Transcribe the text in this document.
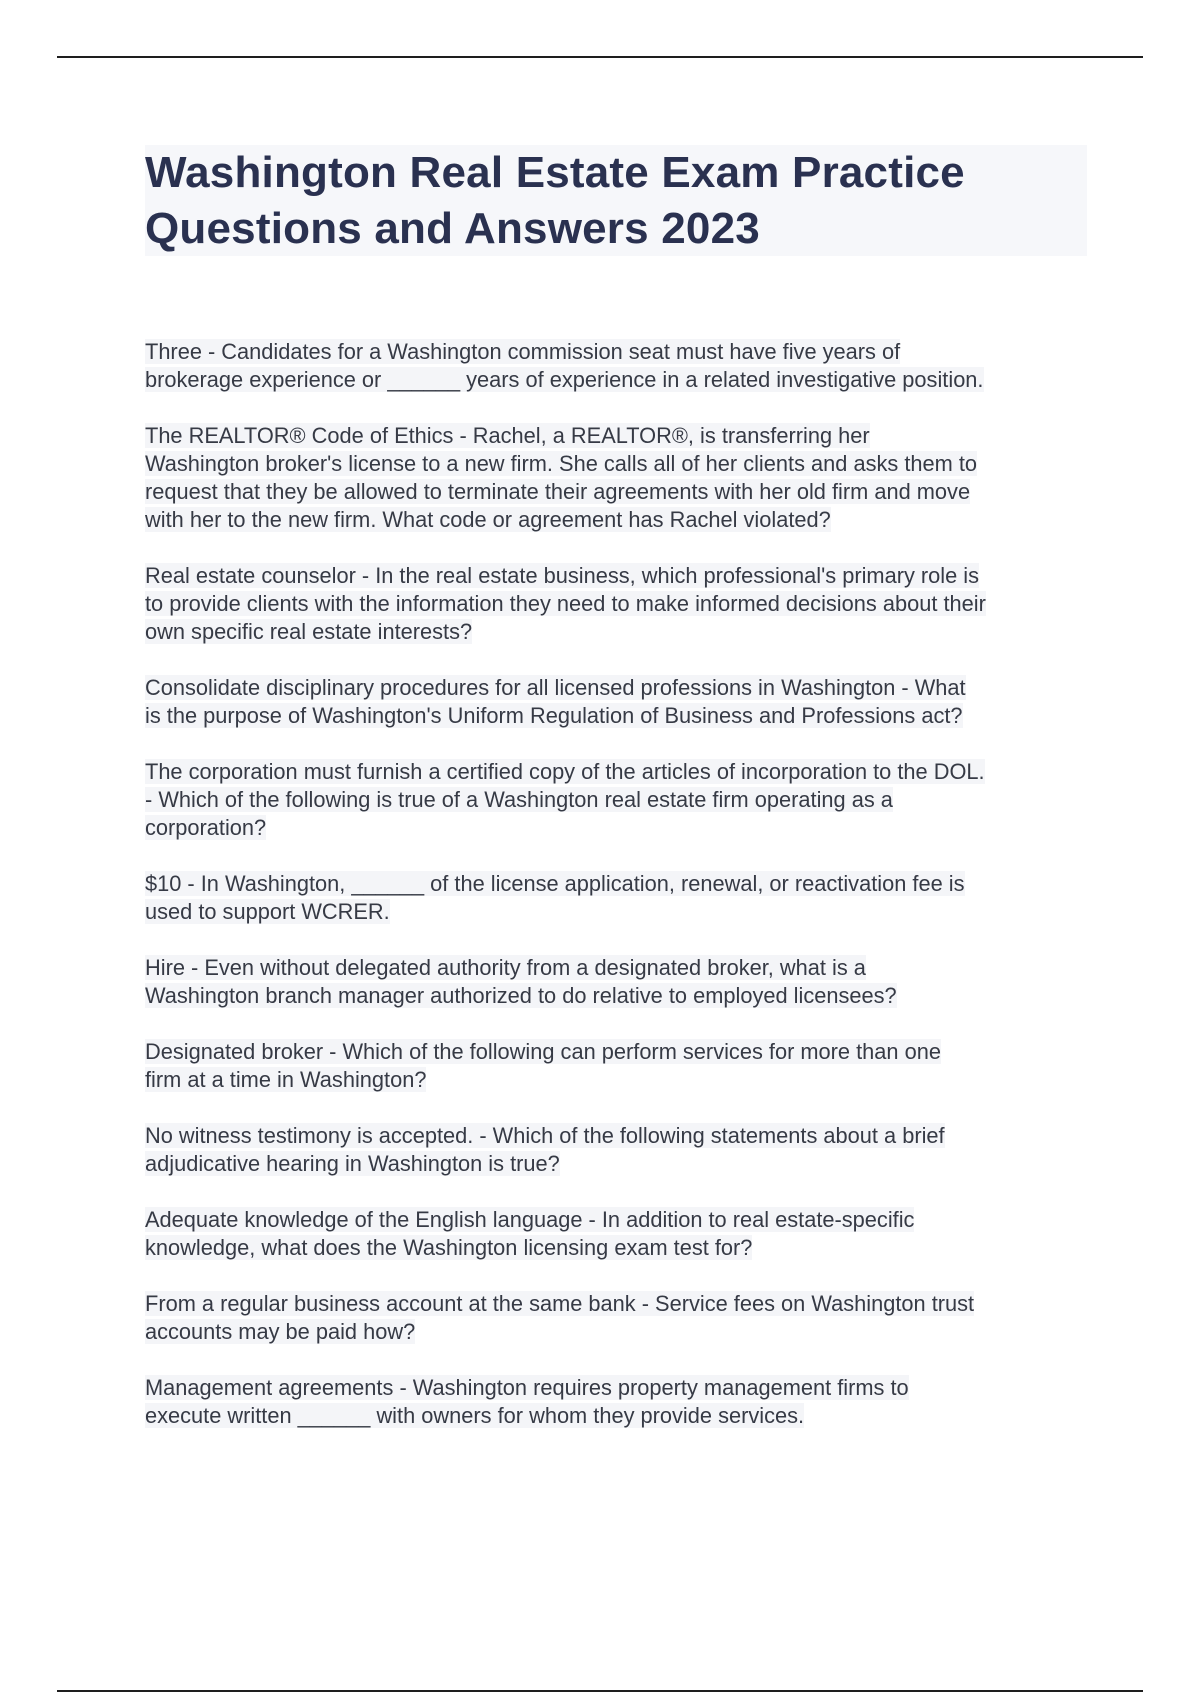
Washington Real Estate Exam Practice
Questions and Answers 2023
Three - Candidates for a Washington commission seat must have five years of
brokerage experience or ______ years of experience in a related investigative position.
The REALTOR® Code of Ethics - Rachel, a REALTOR®, is transferring her
Washington broker's license to a new firm. She calls all of her clients and asks them to
request that they be allowed to terminate their agreements with her old firm and move
with her to the new firm. What code or agreement has Rachel violated?
Real estate counselor - In the real estate business, which professional's primary role is
to provide clients with the information they need to make informed decisions about their
own specific real estate interests?
Consolidate disciplinary procedures for all licensed professions in Washington - What
is the purpose of Washington's Uniform Regulation of Business and Professions act?
The corporation must furnish a certified copy of the articles of incorporation to the DOL.
- Which of the following is true of a Washington real estate firm operating as a
corporation?
$10 - In Washington, ______ of the license application, renewal, or reactivation fee is
used to support WCRER.
Hire - Even without delegated authority from a designated broker, what is a
Washington branch manager authorized to do relative to employed licensees?
Designated broker - Which of the following can perform services for more than one
firm at a time in Washington?
No witness testimony is accepted. - Which of the following statements about a brief
adjudicative hearing in Washington is true?
Adequate knowledge of the English language - In addition to real estate-specific
knowledge, what does the Washington licensing exam test for?
From a regular business account at the same bank - Service fees on Washington trust
accounts may be paid how?
Management agreements - Washington requires property management firms to
execute written ______ with owners for whom they provide services.
